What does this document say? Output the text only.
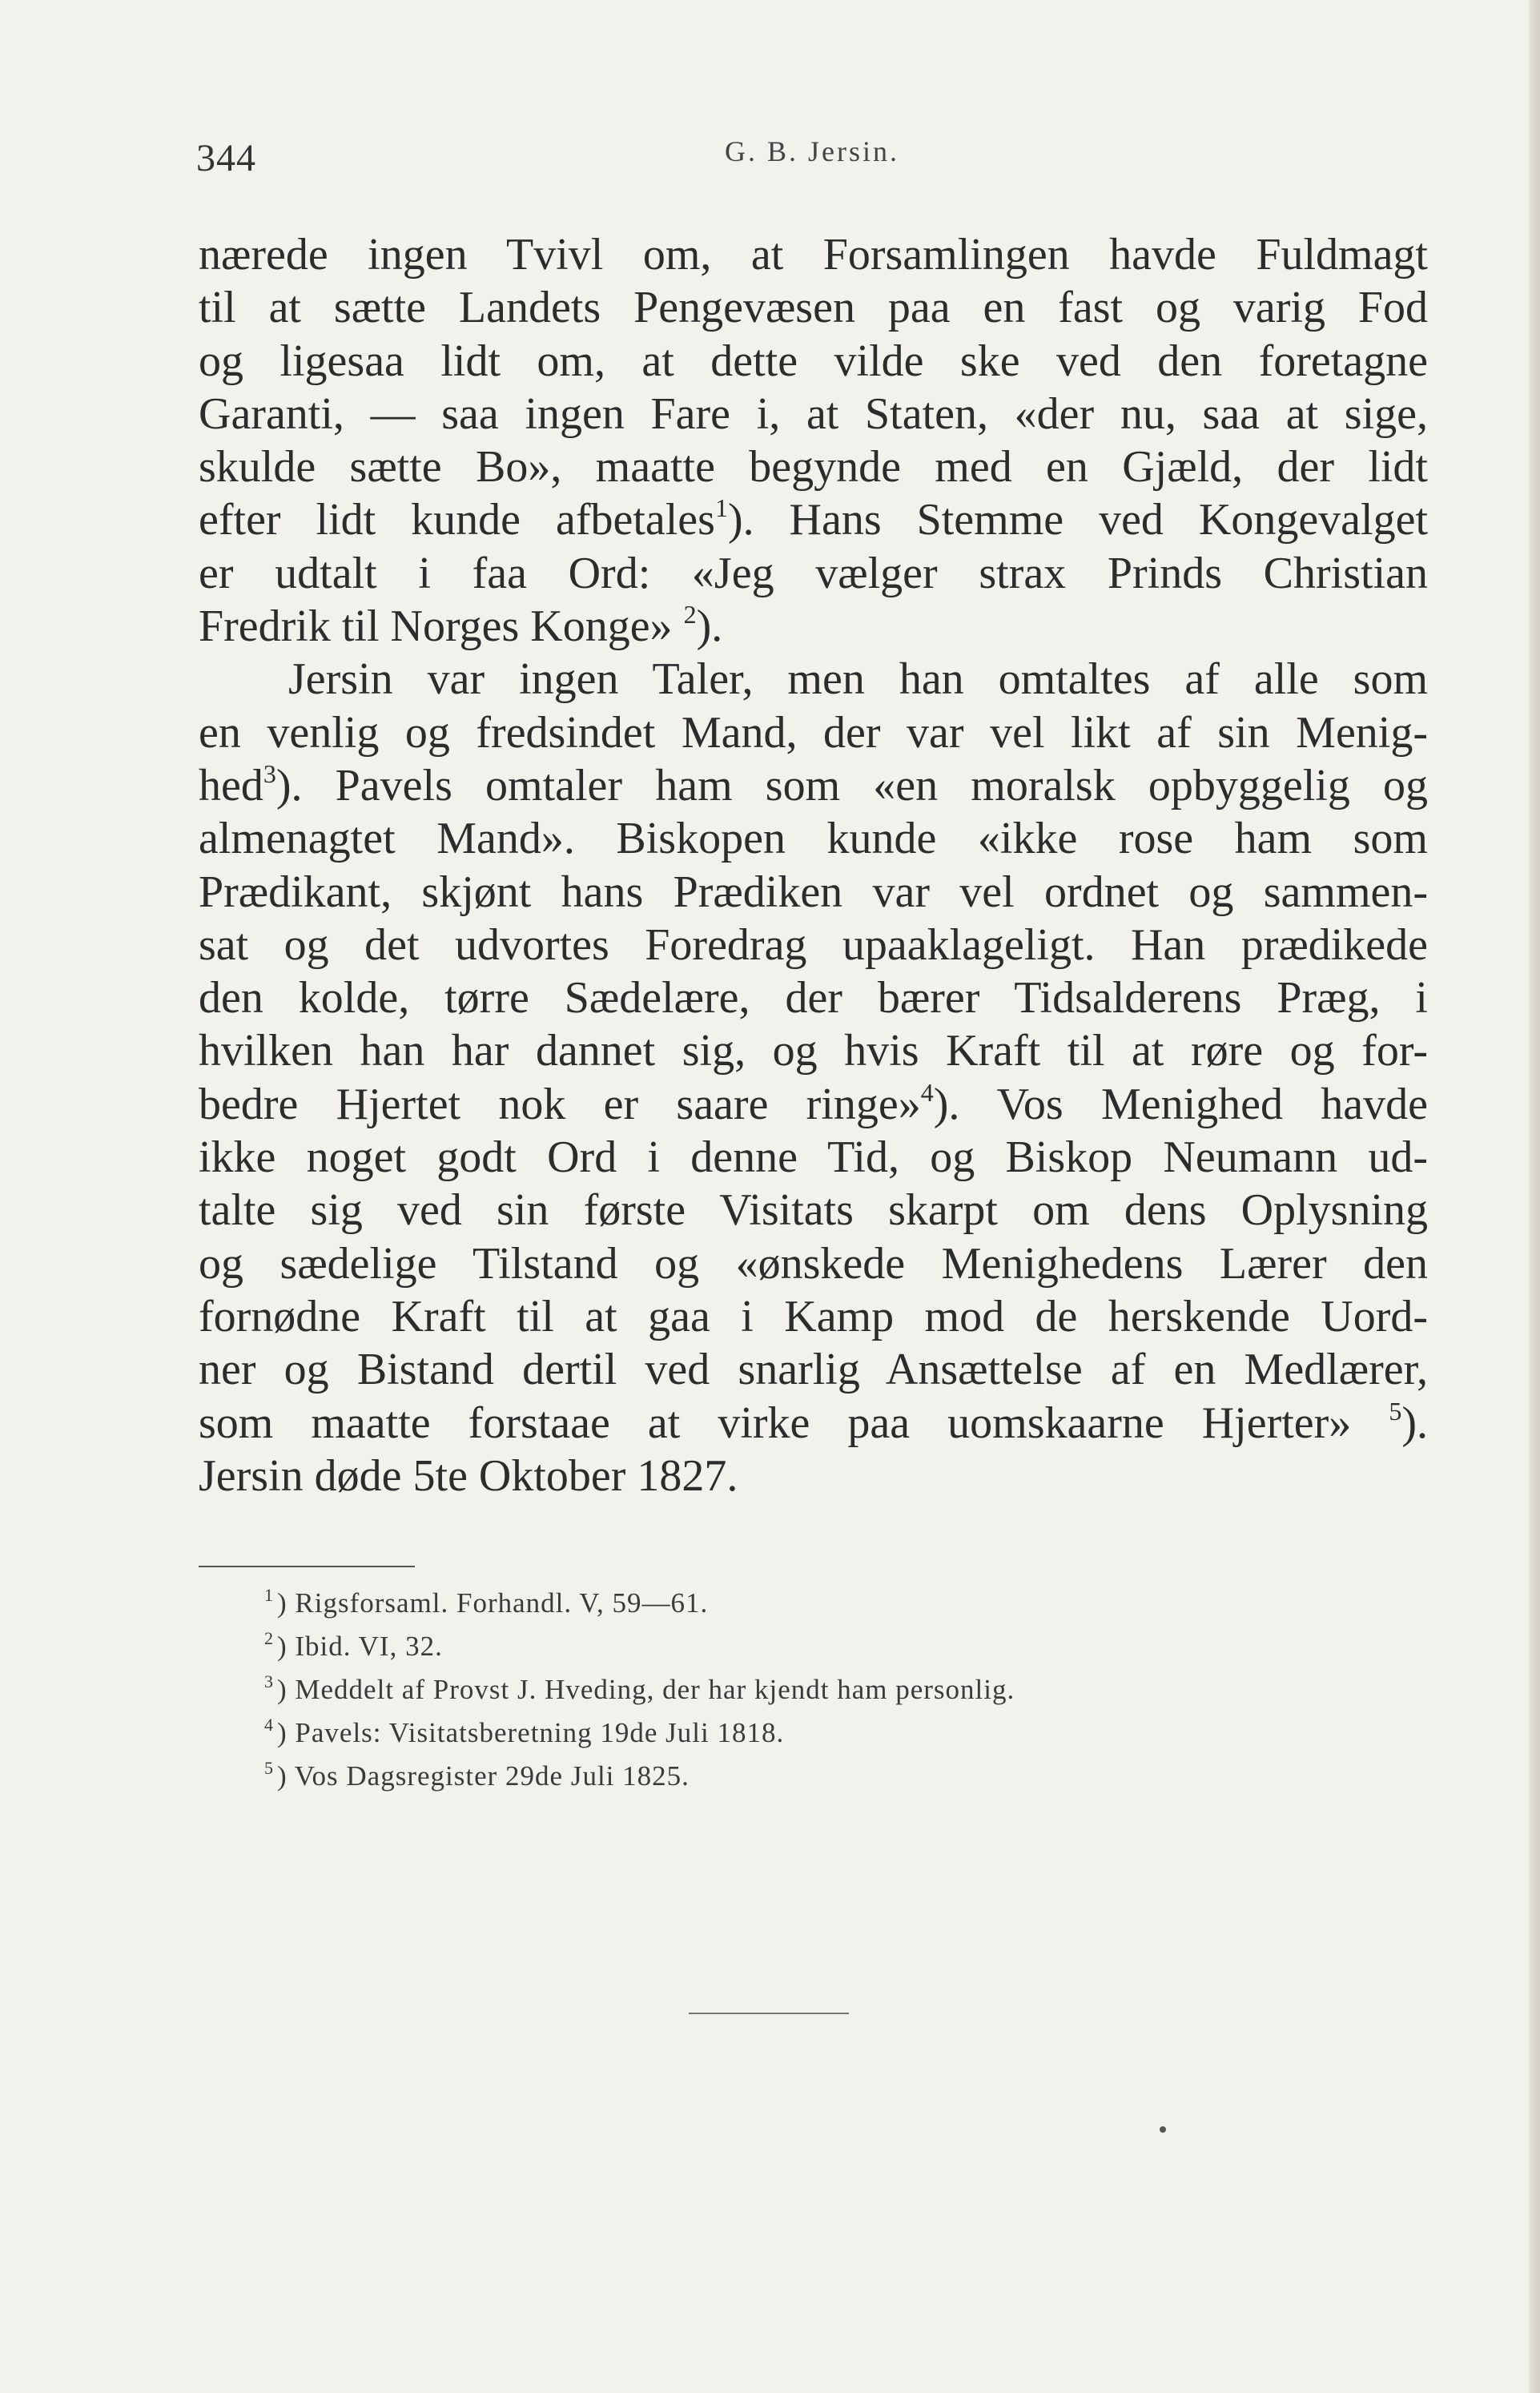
344	G. B. Jersin.
nærede ingen Tvivl om, at Forsamlingen havde Fuldmagt
til at sætte Landets Pengevæsen paa en fast og varig Fod
og ligesaa lidt om, at dette vilde ske ved den foretagne
Garanti, — saa ingen Fare i, at Staten, «der nu, saa at sige,
skulde sætte Bo», maatte begynde med en Gjæld, der lidt
efter lidt kunde afbetales$^1$). Hans Stemme ved Kongevalget
er udtalt i faa Ord: «Jeg vælger strax Prinds Christian
Fredrik til Norges Konge» $^2$).
Jersin var ingen Taler, men han omtaltes af alle som
en venlig og fredsindet Mand, der var vel likt af sin Menig-
hed$^3$). Pavels omtaler ham som «en moralsk opbyggelig og
almenagtet Mand». Biskopen kunde «ikke rose ham som
Prædikant, skjønt hans Prædiken var vel ordnet og sammen-
sat og det udvortes Foredrag upaaklageligt. Han prædikede
den kolde, tørre Sædelære, der bærer Tidsalderens Præg, i
hvilken han har dannet sig, og hvis Kraft til at røre og for-
bedre Hjertet nok er saare ringe»$^4$). Vos Menighed havde
ikke noget godt Ord i denne Tid, og Biskop Neumann ud-
talte sig ved sin første Visitats skarpt om dens Oplysning
og sædelige Tilstand og «ønskede Menighedens Lærer den
fornødne Kraft til at gaa i Kamp mod de herskende Uord-
ner og Bistand dertil ved snarlig Ansættelse af en Medlærer,
som maatte forstaae at virke paa uomskaarne Hjerter» $^5$).
Jersin døde 5te Oktober 1827.
$^1$ ) Rigsforsaml. Forhandl. V, 59—61.
$^2$ ) Ibid. VI, 32.
$^3$ ) Meddelt af Provst J. Hveding, der har kjendt ham personlig.
$^4$ ) Pavels: Visitatsberetning 19de Juli 1818.
$^5$ ) Vos Dagsregister 29de Juli 1825.
